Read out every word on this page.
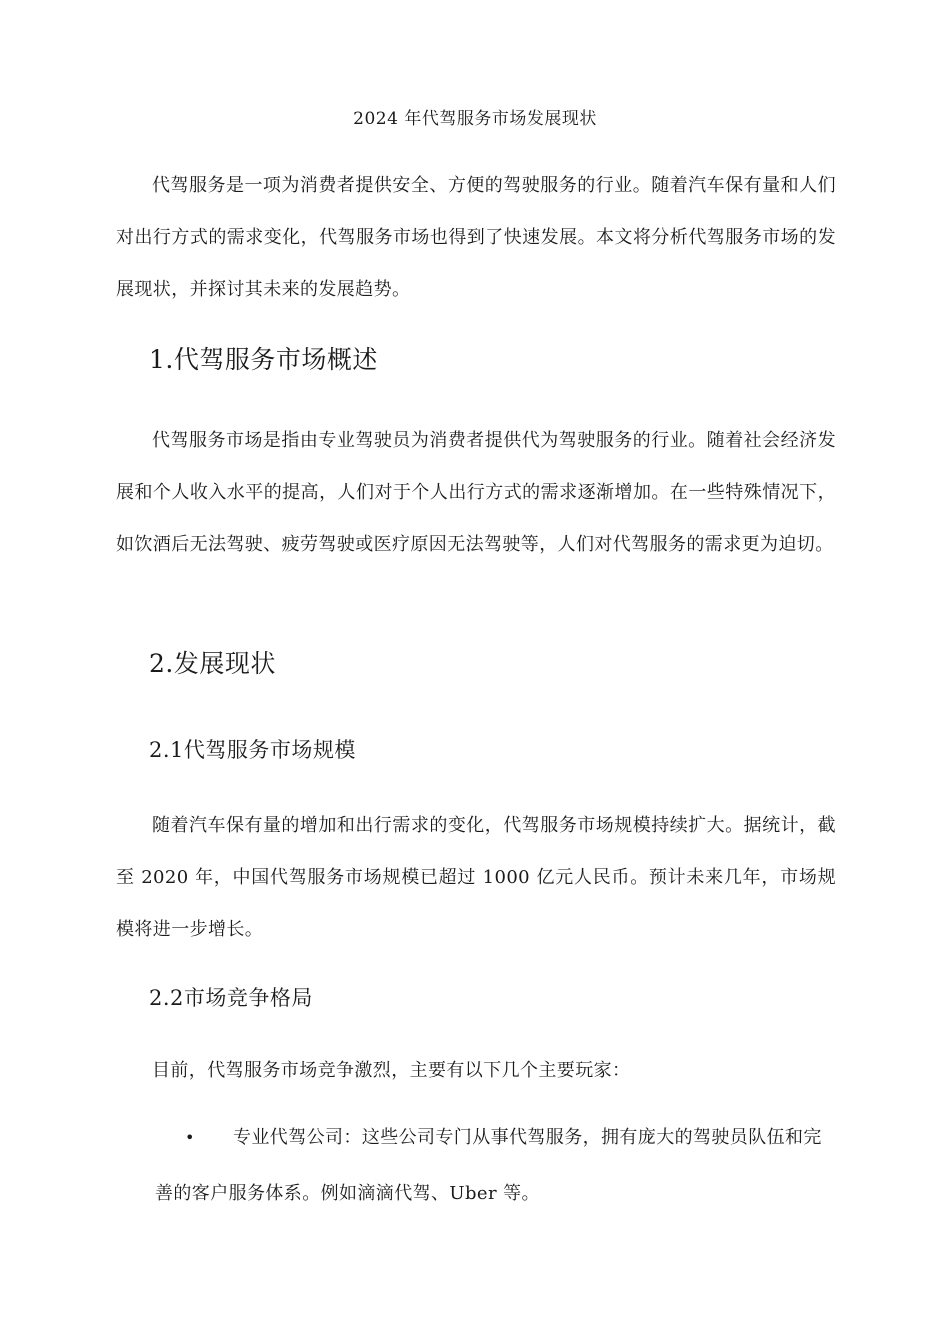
2024 年代驾服务市场发展现状

代驾服务是一项为消费者提供安全、方便的驾驶服务的行业。随着汽车保有量和人们对出行方式的需求变化，代驾服务市场也得到了快速发展。本文将分析代驾服务市场的发展现状，并探讨其未来的发展趋势。

1.代驾服务市场概述

代驾服务市场是指由专业驾驶员为消费者提供代为驾驶服务的行业。随着社会经济发展和个人收入水平的提高，人们对于个人出行方式的需求逐渐增加。在一些特殊情况下，如饮酒后无法驾驶、疲劳驾驶或医疗原因无法驾驶等，人们对代驾服务的需求更为迫切。

2.发展现状
2.1代驾服务市场规模

随着汽车保有量的增加和出行需求的变化，代驾服务市场规模持续扩大。据统计，截至 2020 年，中国代驾服务市场规模已超过 1000 亿元人民币。预计未来几年，市场规模将进一步增长。

2.2市场竞争格局

目前，代驾服务市场竞争激烈，主要有以下几个主要玩家：

•	专业代驾公司：这些公司专门从事代驾服务，拥有庞大的驾驶员队伍和完善的客户服务体系。例如滴滴代驾、Uber 等。
